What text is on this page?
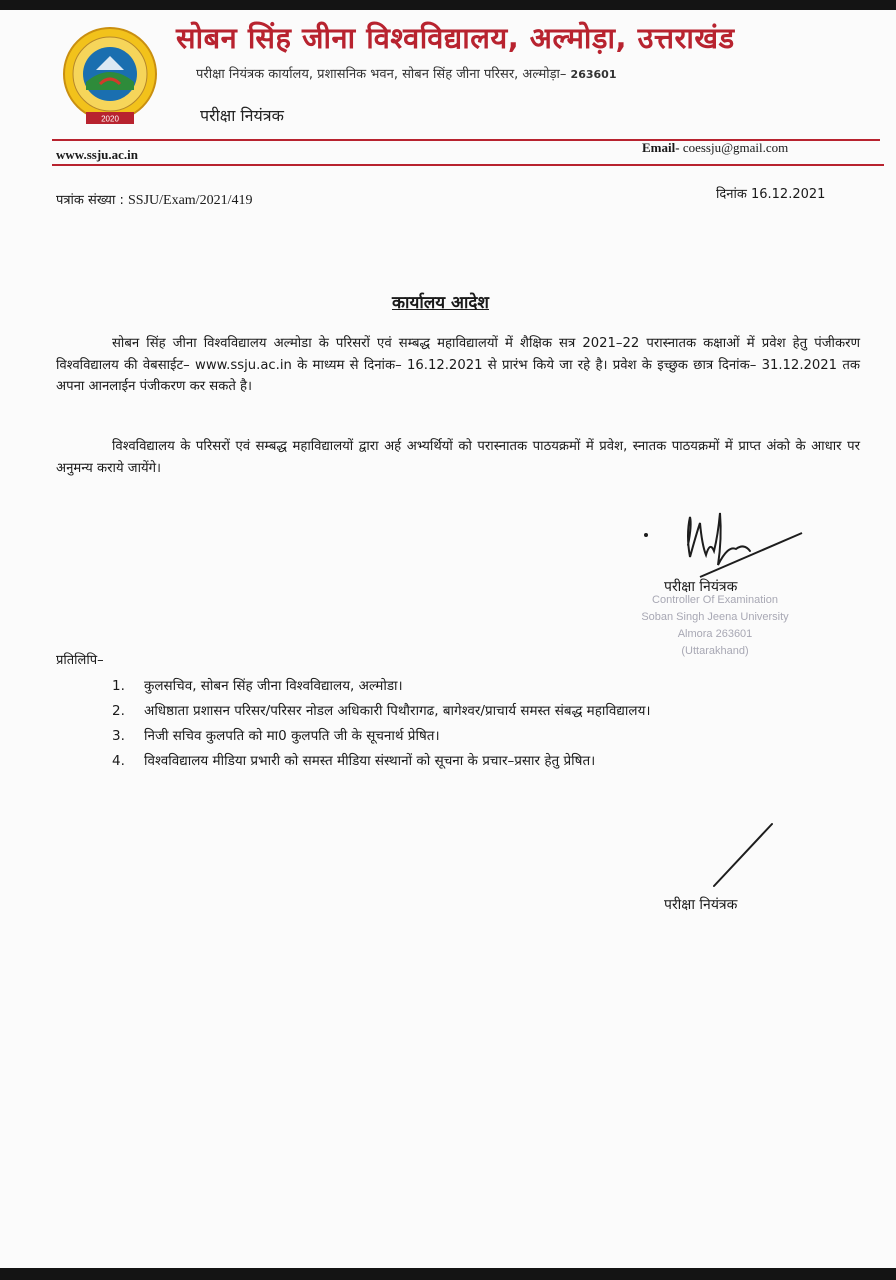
2020
सोबन सिंह जीना विश्वविद्यालय, अल्मोड़ा, उत्तराखंड
परीक्षा नियंत्रक कार्यालय, प्रशासनिक भवन, सोबन सिंह जीना परिसर, अल्मोड़ा– 263601
परीक्षा नियंत्रक
www.ssju.ac.in	Email- coessju@gmail.com
पत्रांक संख्या : SSJU/Exam/2021/419	दिनांक 16.12.2021
कार्यालय आदेश
सोबन सिंह जीना विश्वविद्यालय अल्मोडा के परिसरों एवं सम्बद्ध महाविद्यालयों में शैक्षिक सत्र 2021–22 परास्नातक कक्षाओं में प्रवेश हेतु पंजीकरण विश्वविद्यालय की वेबसाईट– www.ssju.ac.in के माध्यम से दिनांक– 16.12.2021 से प्रारंभ किये जा रहे है। प्रवेश के इच्छुक छात्र दिनांक– 31.12.2021 तक अपना आनलाईन पंजीकरण कर सकते है।
विश्वविद्यालय के परिसरों एवं सम्बद्ध महाविद्यालयों द्वारा अर्ह अभ्यर्थियों को परास्नातक पाठयक्रमों में प्रवेश, स्नातक पाठयक्रमों में प्राप्त अंको के आधार पर अनुमन्य कराये जायेंगे।
परीक्षा नियंत्रक
Controller Of Examination
Soban Singh Jeena University
Almora 263601
(Uttarakhand)
प्रतिलिपि–
1.	कुलसचिव, सोबन सिंह जीना विश्वविद्यालय, अल्मोडा।
2.	अधिष्ठाता प्रशासन परिसर/परिसर नोडल अधिकारी पिथौरागढ, बागेश्वर/प्राचार्य समस्त संबद्ध महाविद्यालय।
3.	निजी सचिव कुलपति को मा0 कुलपति जी के सूचनार्थ प्रेषित।
4.	विश्वविद्यालय मीडिया प्रभारी को समस्त मीडिया संस्थानों को सूचना के प्रचार–प्रसार हेतु प्रेषित।
परीक्षा नियंत्रक
